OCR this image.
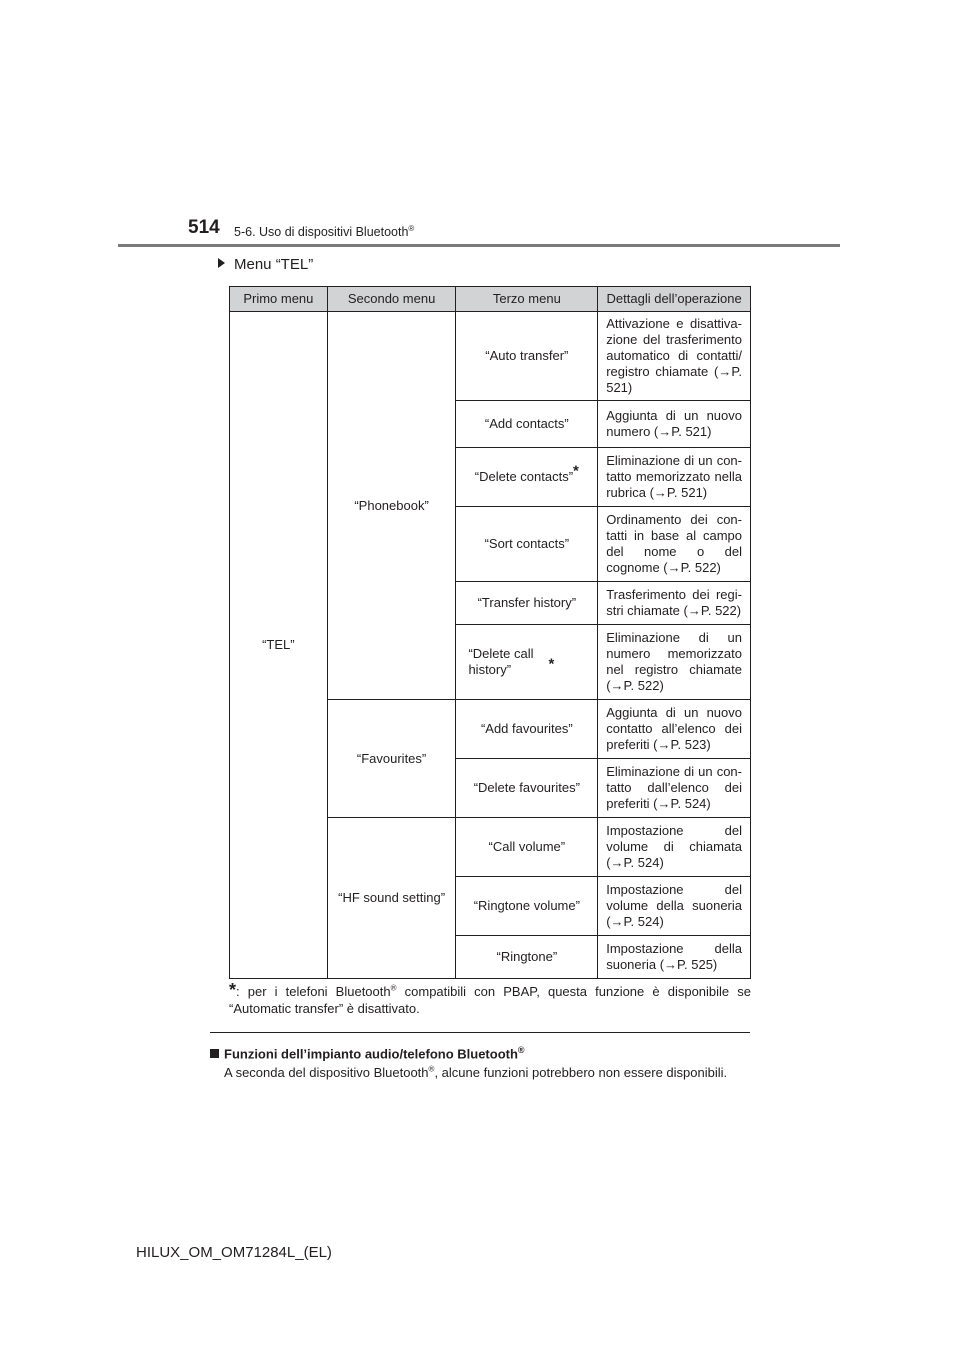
514 5-6. Uso di dispositivi Bluetooth®
Menu “TEL”
Primo menu	Secondo menu	Terzo menu	Dettagli dell’operazione
“TEL”	“Phonebook”	“Auto transfer”	Attivazione e disattivazione del trasferimento automatico di contatti/ registro chiamate (→P. 521)
		“Add contacts”	Aggiunta di un nuovo numero (→P. 521)
		“Delete contacts”*	Eliminazione di un contatto memorizzato nella rubrica (→P. 521)
		“Sort contacts”	Ordinamento dei contatti in base al campo del nome o del cognome (→P. 522)
		“Transfer history”	Trasferimento dei registri chiamate (→P. 522)
		“Delete call history” *	Eliminazione di un numero memorizzato nel registro chiamate (→P. 522)
	“Favourites”	“Add favourites”	Aggiunta di un nuovo contatto all’elenco dei preferiti (→P. 523)
		“Delete favourites”	Eliminazione di un contatto dall’elenco dei preferiti (→P. 524)
	“HF sound setting”	“Call volume”	Impostazione del volume di chiamata (→P. 524)
		“Ringtone volume”	Impostazione del volume della suoneria (→P. 524)
		“Ringtone”	Impostazione della suoneria (→P. 525)
*: per i telefoni Bluetooth® compatibili con PBAP, questa funzione è disponibile se “Automatic transfer” è disattivato.
Funzioni dell’impianto audio/telefono Bluetooth®
A seconda del dispositivo Bluetooth®, alcune funzioni potrebbero non essere disponibili.
HILUX_OM_OM71284L_(EL)
